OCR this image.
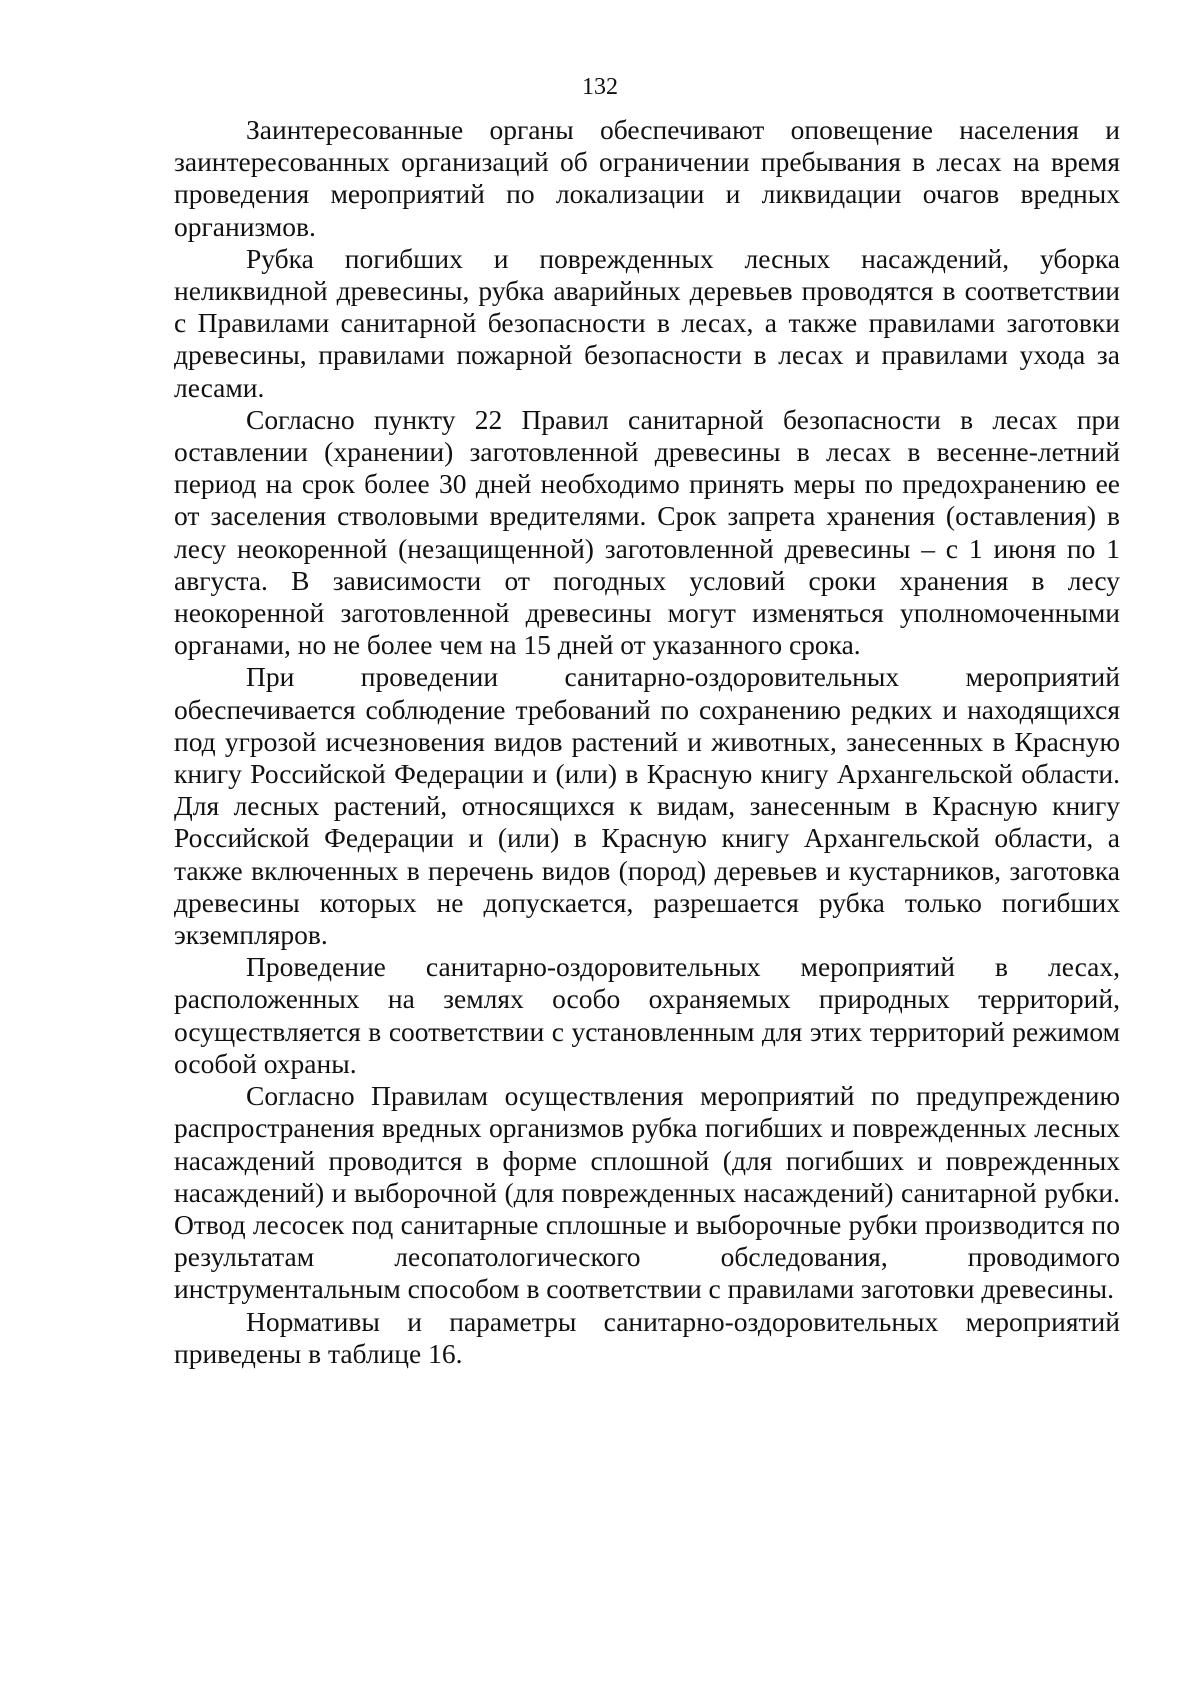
132

Заинтересованные органы обеспечивают оповещение населения и заинтересованных организаций об ограничении пребывания в лесах на время проведения мероприятий по локализации и ликвидации очагов вредных организмов.

Рубка погибших и поврежденных лесных насаждений, уборка неликвидной древесины, рубка аварийных деревьев проводятся в соответствии с Правилами санитарной безопасности в лесах, а также правилами заготовки древесины, правилами пожарной безопасности в лесах и правилами ухода за лесами.

Согласно пункту 22 Правил санитарной безопасности в лесах при оставлении (хранении) заготовленной древесины в лесах в весенне-летний период на срок более 30 дней необходимо принять меры по предохранению ее от заселения стволовыми вредителями. Срок запрета хранения (оставления) в лесу неокоренной (незащищенной) заготовленной древесины – с 1 июня по 1 августа. В зависимости от погодных условий сроки хранения в лесу неокоренной заготовленной древесины могут изменяться уполномоченными органами, но не более чем на 15 дней от указанного срока.

При проведении санитарно-оздоровительных мероприятий обеспечивается соблюдение требований по сохранению редких и находящихся под угрозой исчезновения видов растений и животных, занесенных в Красную книгу Российской Федерации и (или) в Красную книгу Архангельской области. Для лесных растений, относящихся к видам, занесенным в Красную книгу Российской Федерации и (или) в Красную книгу Архангельской области, а также включенных в перечень видов (пород) деревьев и кустарников, заготовка древесины которых не допускается, разрешается рубка только погибших экземпляров.

Проведение санитарно-оздоровительных мероприятий в лесах, расположенных на землях особо охраняемых природных территорий, осуществляется в соответствии с установленным для этих территорий режимом особой охраны.

Согласно Правилам осуществления мероприятий по предупреждению распространения вредных организмов рубка погибших и поврежденных лесных насаждений проводится в форме сплошной (для погибших и поврежденных насаждений) и выборочной (для поврежденных насаждений) санитарной рубки. Отвод лесосек под санитарные сплошные и выборочные рубки производится по результатам лесопатологического обследования, проводимого инструментальным способом в соответствии с правилами заготовки древесины.

Нормативы и параметры санитарно-оздоровительных мероприятий приведены в таблице 16.
